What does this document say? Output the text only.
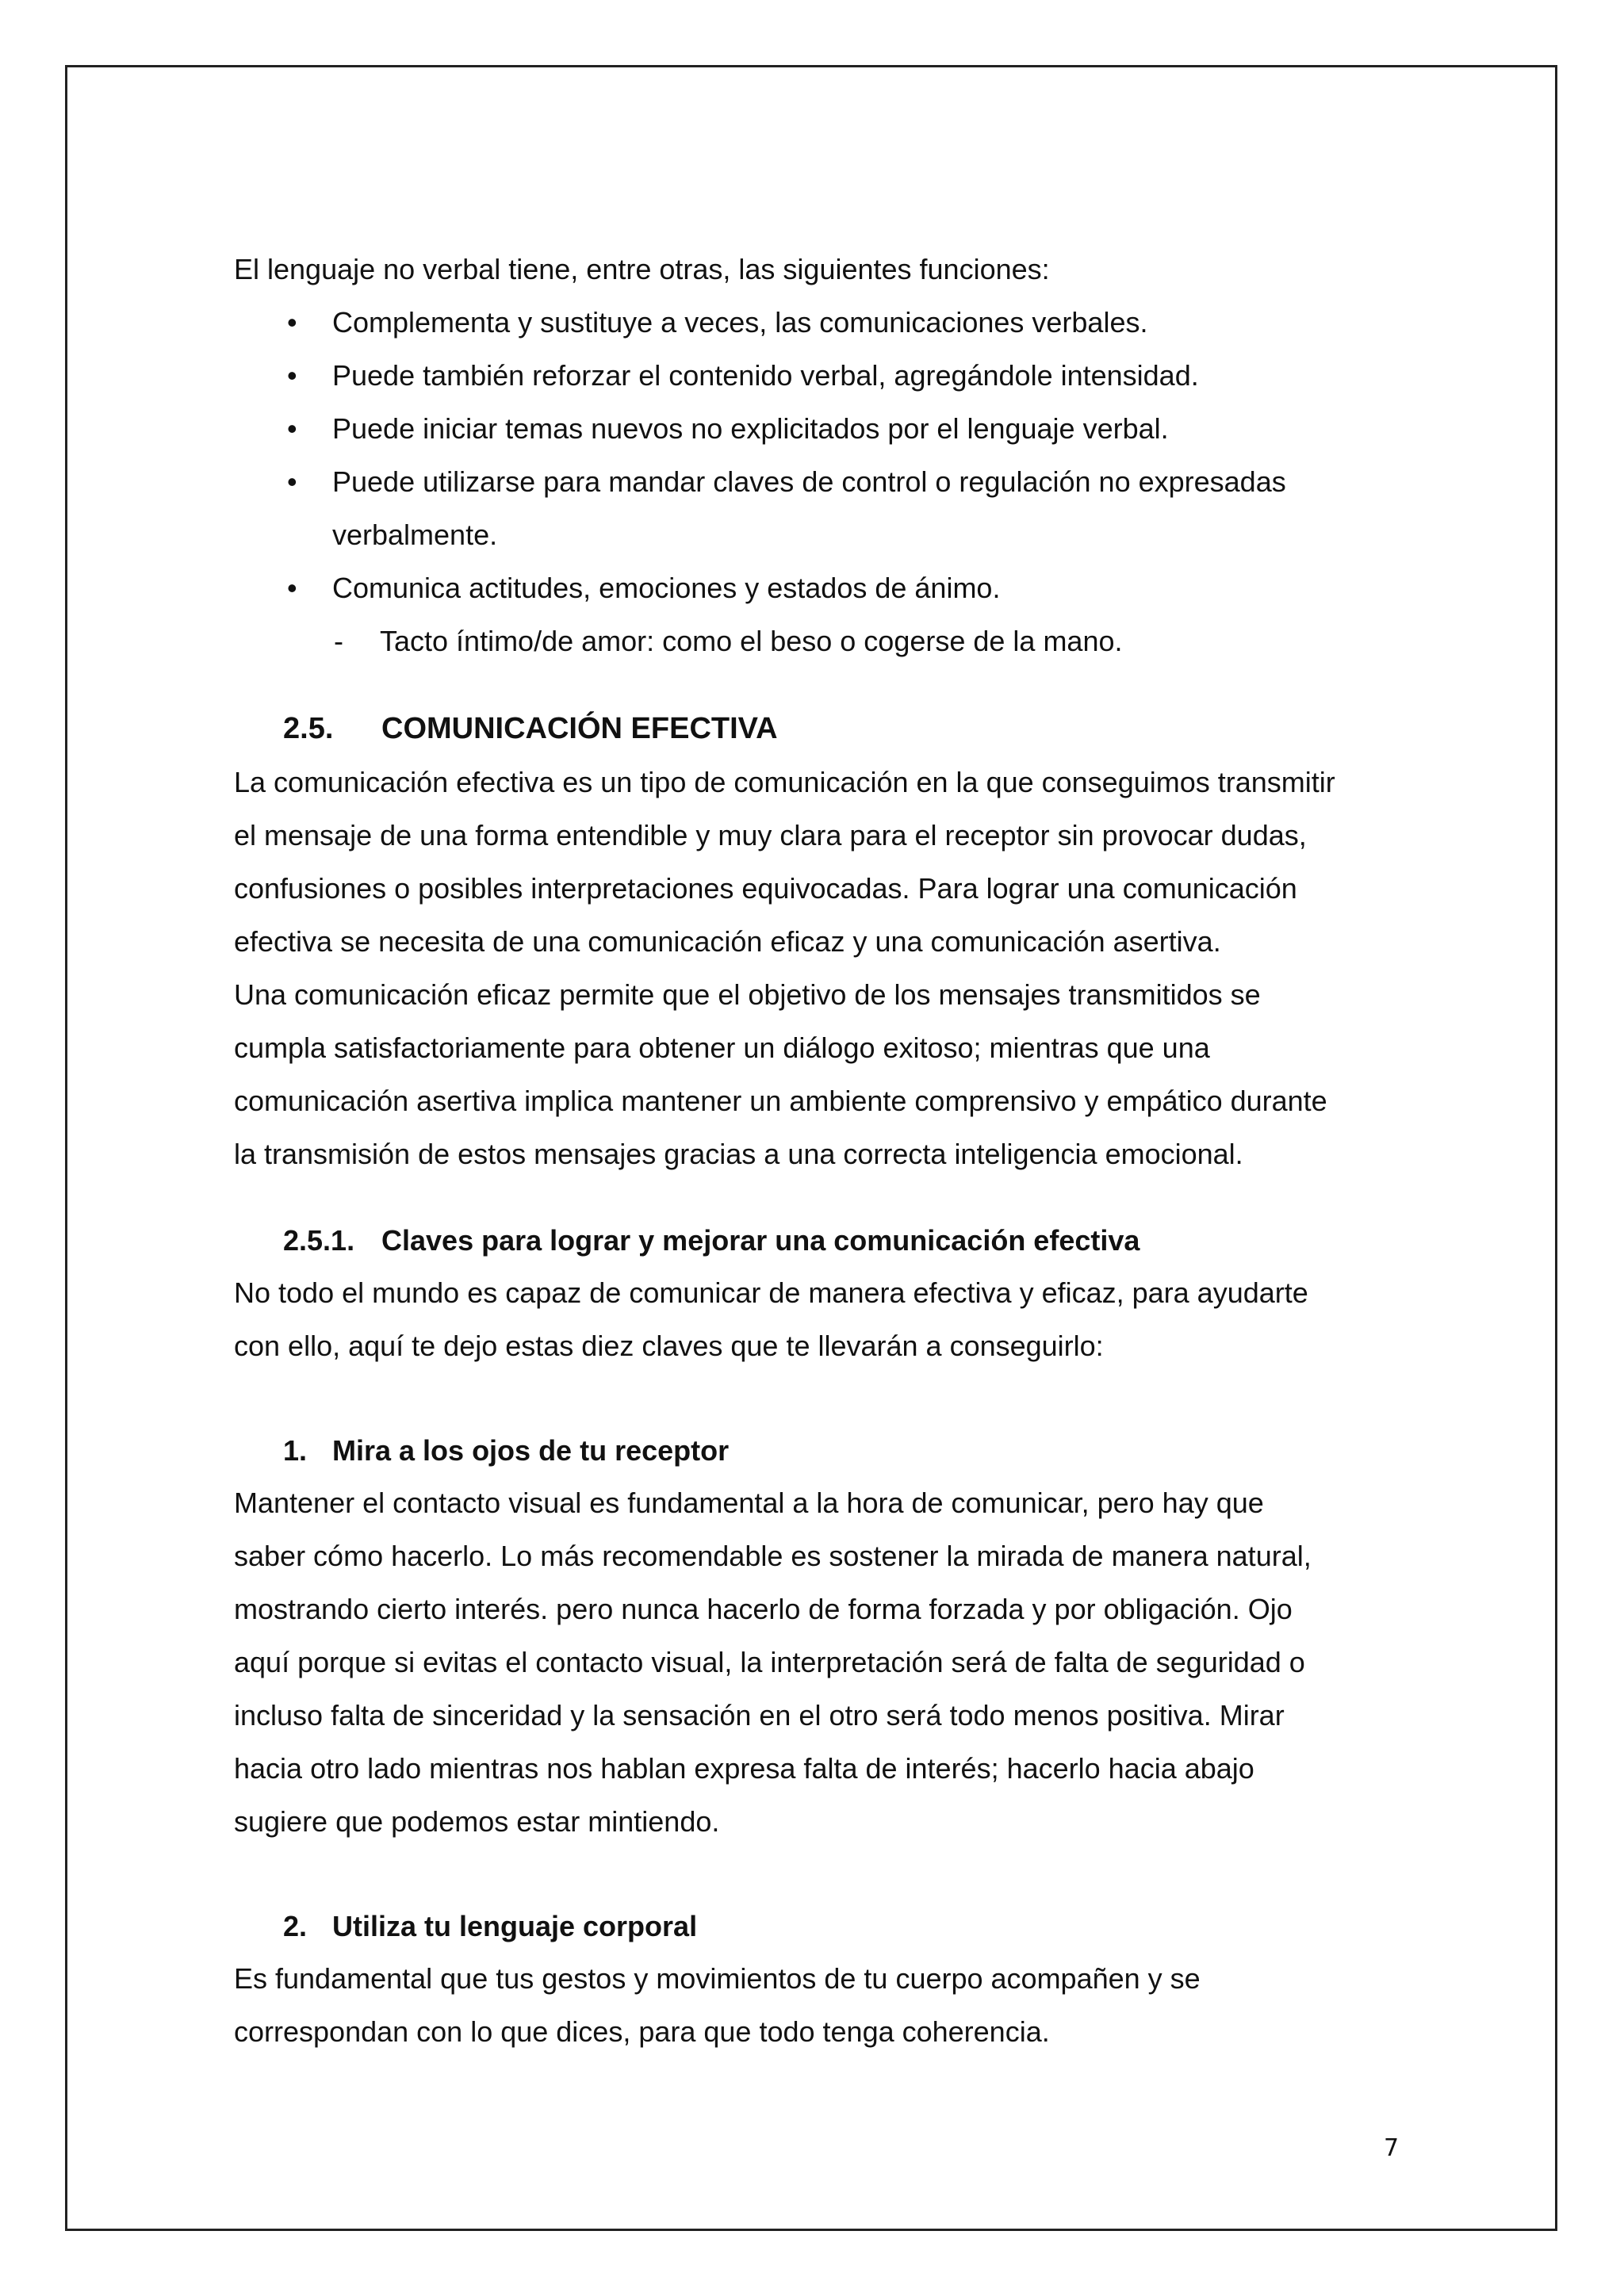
El lenguaje no verbal tiene, entre otras, las siguientes funciones:

• Complementa y sustituye a veces, las comunicaciones verbales.
• Puede también reforzar el contenido verbal, agregándole intensidad.
• Puede iniciar temas nuevos no explicitados por el lenguaje verbal.
• Puede utilizarse para mandar claves de control o regulación no expresadas
verbalmente.
• Comunica actitudes, emociones y estados de ánimo.
- Tacto íntimo/de amor: como el beso o cogerse de la mano.
2.5. COMUNICACIÓN EFECTIVA

La comunicación efectiva es un tipo de comunicación en la que conseguimos transmitir

el mensaje de una forma entendible y muy clara para el receptor sin provocar dudas,

confusiones o posibles interpretaciones equivocadas. Para lograr una comunicación

efectiva se necesita de una comunicación eficaz y una comunicación asertiva.

Una comunicación eficaz permite que el objetivo de los mensajes transmitidos se

cumpla satisfactoriamente para obtener un diálogo exitoso; mientras que una

comunicación asertiva implica mantener un ambiente comprensivo y empático durante

la transmisión de estos mensajes gracias a una correcta inteligencia emocional.

2.5.1. Claves para lograr y mejorar una comunicación efectiva

No todo el mundo es capaz de comunicar de manera efectiva y eficaz, para ayudarte

con ello, aquí te dejo estas diez claves que te llevarán a conseguirlo:

1. Mira a los ojos de tu receptor

Mantener el contacto visual es fundamental a la hora de comunicar, pero hay que

saber cómo hacerlo. Lo más recomendable es sostener la mirada de manera natural,

mostrando cierto interés. pero nunca hacerlo de forma forzada y por obligación. Ojo

aquí porque si evitas el contacto visual, la interpretación será de falta de seguridad o

incluso falta de sinceridad y la sensación en el otro será todo menos positiva. Mirar

hacia otro lado mientras nos hablan expresa falta de interés; hacerlo hacia abajo

sugiere que podemos estar mintiendo.

2. Utiliza tu lenguaje corporal

Es fundamental que tus gestos y movimientos de tu cuerpo acompañen y se

correspondan con lo que dices, para que todo tenga coherencia.

7
